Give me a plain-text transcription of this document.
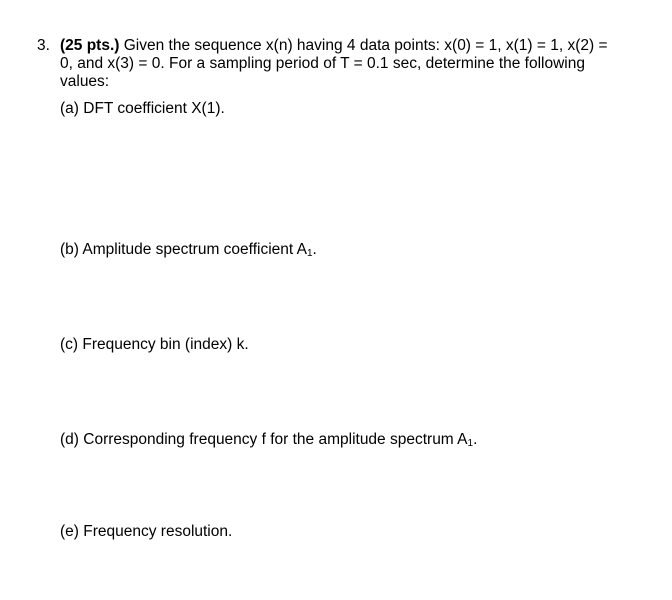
3. (25 pts.) Given the sequence x(n) having 4 data points: x(0) = 1, x(1) = 1, x(2) = 0, and x(3) = 0. For a sampling period of T = 0.1 sec, determine the following values:
(a) DFT coefficient X(1).
(b) Amplitude spectrum coefficient $A_1$.
(c) Frequency bin (index) k.
(d) Corresponding frequency f for the amplitude spectrum $A_1$.
(e) Frequency resolution.
